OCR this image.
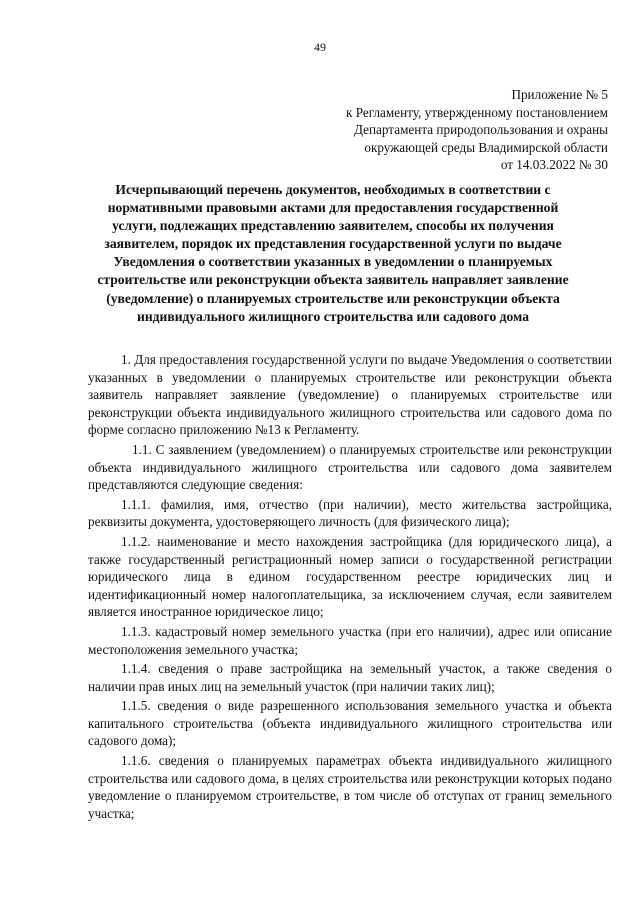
49
Приложение № 5
к Регламенту, утвержденному постановлением
Департамента природопользования и охраны
окружающей среды Владимирской области
от 14.03.2022 № 30
Исчерпывающий перечень документов, необходимых в соответствии с нормативными правовыми актами для предоставления государственной услуги, подлежащих представлению заявителем, способы их получения заявителем, порядок их представления государственной услуги по выдаче Уведомления о соответствии указанных в уведомлении о планируемых строительстве или реконструкции объекта заявитель направляет заявление (уведомление) о планируемых строительстве или реконструкции объекта индивидуального жилищного строительства или садового дома

1. Для предоставления государственной услуги по выдаче Уведомления о соответствии указанных в уведомлении о планируемых строительстве или реконструкции объекта заявитель направляет заявление (уведомление) о планируемых строительстве или реконструкции объекта индивидуального жилищного строительства или садового дома по форме согласно приложению №13 к Регламенту.

1.1. С заявлением (уведомлением) о планируемых строительстве или реконструкции объекта индивидуального жилищного строительства или садового дома заявителем представляются следующие сведения:

1.1.1. фамилия, имя, отчество (при наличии), место жительства застройщика, реквизиты документа, удостоверяющего личность (для физического лица);

1.1.2. наименование и место нахождения застройщика (для юридического лица), а также государственный регистрационный номер записи о государственной регистрации юридического лица в едином государственном реестре юридических лиц и идентификационный номер налогоплательщика, за исключением случая, если заявителем является иностранное юридическое лицо;

1.1.3. кадастровый номер земельного участка (при его наличии), адрес или описание местоположения земельного участка;

1.1.4. сведения о праве застройщика на земельный участок, а также сведения о наличии прав иных лиц на земельный участок (при наличии таких лиц);

1.1.5. сведения о виде разрешенного использования земельного участка и объекта капитального строительства (объекта индивидуального жилищного строительства или садового дома);

1.1.6. сведения о планируемых параметрах объекта индивидуального жилищного строительства или садового дома, в целях строительства или реконструкции которых подано уведомление о планируемом строительстве, в том числе об отступах от границ земельного участка;
